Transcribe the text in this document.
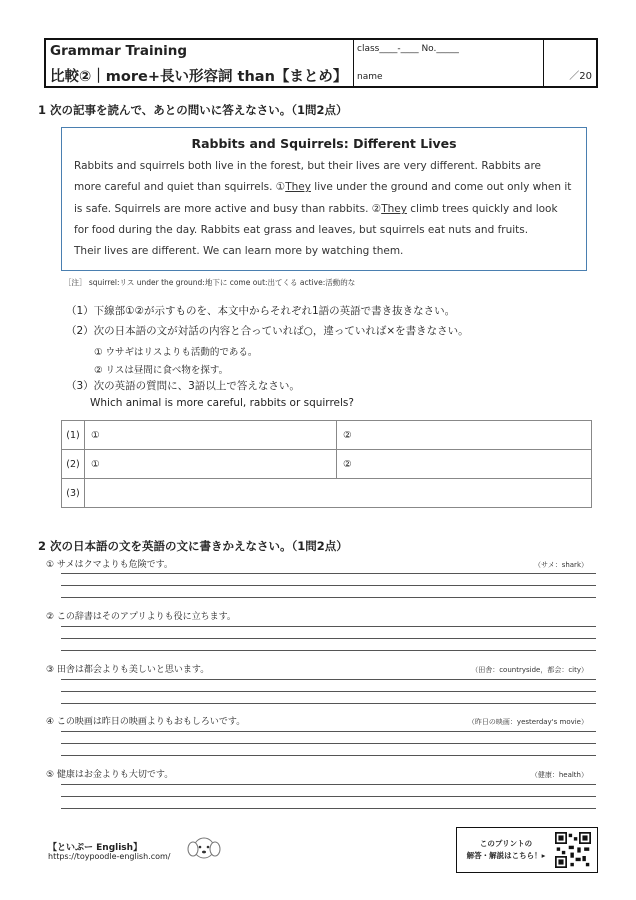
Grammar Training
比較②｜more+長い形容詞 than【まとめ】
class____-____ No._____
name	／20
1 次の記事を読んで、あとの問いに答えなさい。（1問2点）
Rabbits and Squirrels: Different Lives
Rabbits and squirrels both live in the forest, but their lives are very different. Rabbits are
more careful and quiet than squirrels. ①They live under the ground and come out only when it
is safe. Squirrels are more active and busy than rabbits. ②They climb trees quickly and look
for food during the day. Rabbits eat grass and leaves, but squirrels eat nuts and fruits.
Their lives are different. We can learn more by watching them.
［注］ squirrel:リス under the ground:地下に come out:出てくる active:活動的な
（1）下線部①②が示すものを、本文中からそれぞれ1語の英語で書き抜きなさい。
（2）次の日本語の文が対話の内容と合っていれば○，違っていれば×を書きなさい。
① ウサギはリスよりも活動的である。
② リスは昼間に食べ物を探す。
（3）次の英語の質問に、3語以上で答えなさい。
Which animal is more careful, rabbits or squirrels?
(1)	①	②
(2)	①	②
(3)		
2 次の日本語の文を英語の文に書きかえなさい。（1問2点）
① サメはクマよりも危険です。	（サメ：shark）
② この辞書はそのアプリよりも役に立ちます。
③ 田舎は都会よりも美しいと思います。	（田舎：countryside，都会：city）
④ この映画は昨日の映画よりもおもしろいです。	（昨日の映画：yesterday's movie）
⑤ 健康はお金よりも大切です。	（健康：health）
【といぷー English】
https://toypoodle-english.com/
このプリントの
解答・解説はこちら！▸
